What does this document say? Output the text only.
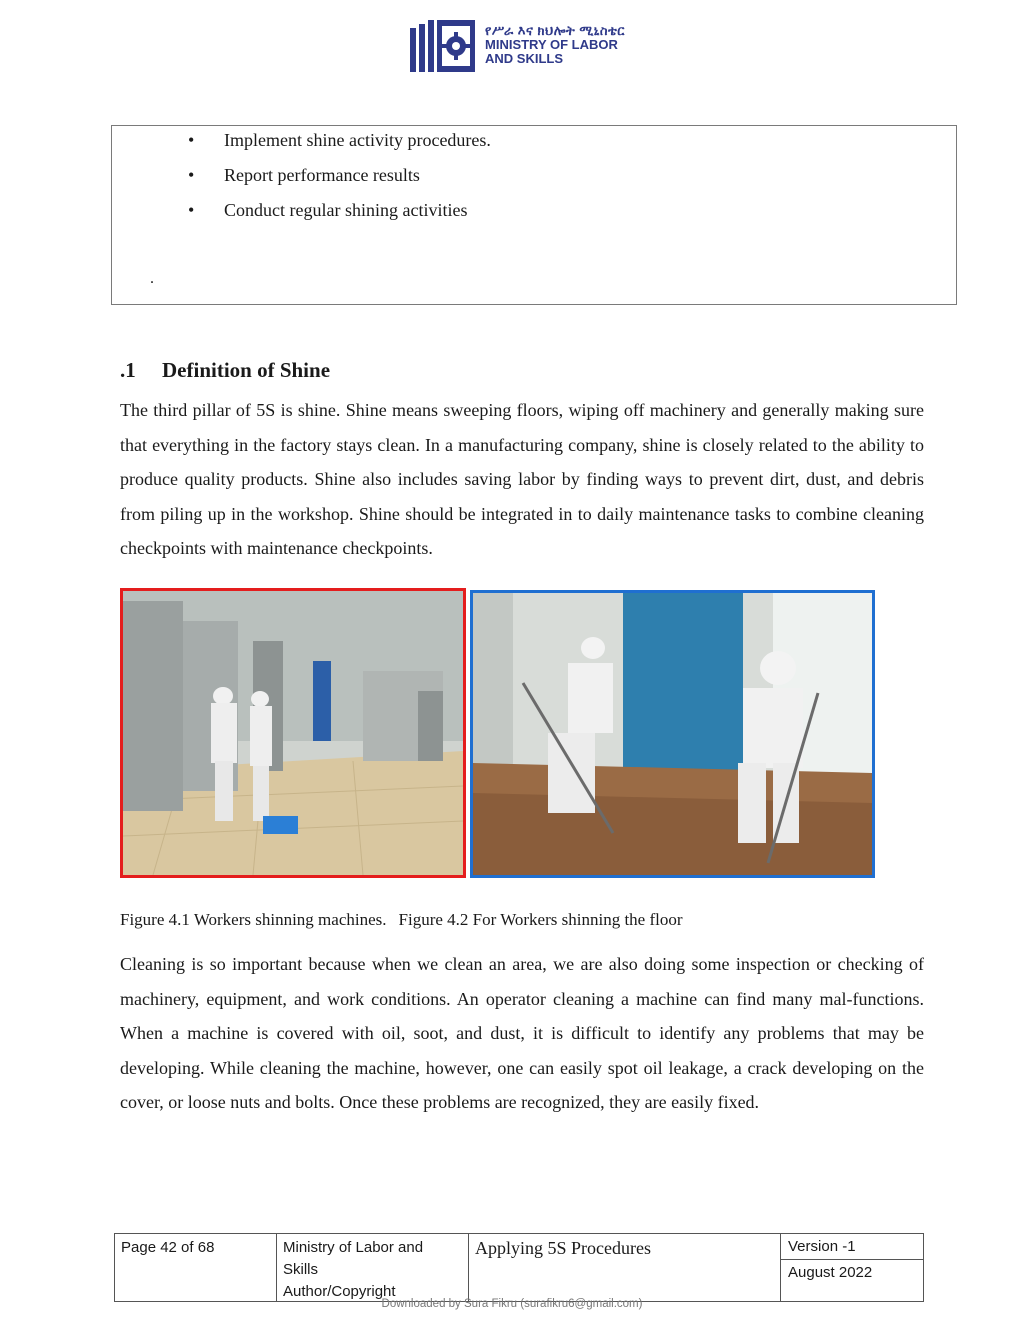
የሥራ እና ክህሎት ሚኒስቴር
MINISTRY OF LABOR
AND SKILLS
• Implement shine activity procedures.
• Report performance results
• Conduct regular shining activities
.
.1 Definition of Shine
The third pillar of 5S is shine. Shine means sweeping floors, wiping off machinery and generally making sure that everything in the factory stays clean. In a manufacturing company, shine is closely related to the ability to produce quality products. Shine also includes saving labor by finding ways to prevent dirt, dust, and debris from piling up in the workshop. Shine should be integrated in to daily maintenance tasks to combine cleaning checkpoints with maintenance checkpoints.
Figure 4.1 Workers shinning machines. Figure 4.2 For Workers shinning the floor
Cleaning is so important because when we clean an area, we are also doing some inspection or checking of machinery, equipment, and work conditions. An operator cleaning a machine can find many mal-functions. When a machine is covered with oil, soot, and dust, it is difficult to identify any problems that may be developing. While cleaning the machine, however, one can easily spot oil leakage, a crack developing on the cover, or loose nuts and bolts. Once these problems are recognized, they are easily fixed.
Page 42 of 68	Ministry of Labor and
Skills
Author/Copyright
Applying 5S Procedures	Version -1
August 2022
Downloaded by Sura Fikru (surafikru6@gmail.com)
